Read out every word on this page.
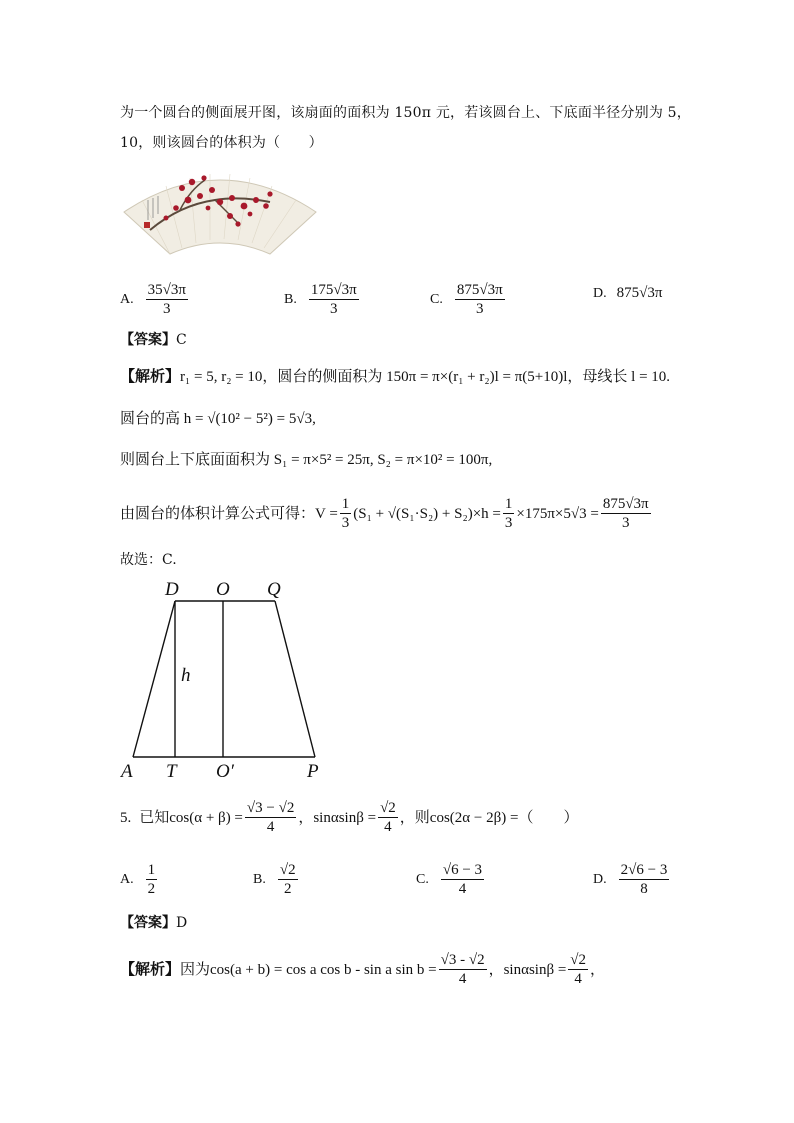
为一个圆台的侧面展开图，该扇面的面积为 150π 元，若该圆台上、下底面半径分别为 5，
10，则该圆台的体积为（　　）
A. $\frac{35√3\pi}{3}$	B. $\frac{175√3\pi}{3}$	C. $\frac{875√3\pi}{3}$	D. 875√3π
【答案】C
【解析】r₁ = 5, r₂ = 10，圆台的侧面积为 150π = π×(r₁ + r₂)l = π(5+10)l，母线长 l = 10.
圆台的高 h = √(10² − 5²) = 5√3,
则圆台上下底面面积为 S₁ = π×5² = 25π, S₂ = π×10² = 100π,
由圆台的体积计算公式可得：$V = \frac{1}{3} (S_1 + √(S_1\cdot S_2) + S_2)\times h = \frac{1}{3} \times 175\pi\times 5√3 = \frac{875√3\pi}{3}$
故选：C.
D O Q
h
A T O′	P
5. 已知$\cos(\alpha + \beta) = \frac{√3 - √2}{4}$ ，$\sin\alpha\sin\beta = \frac{√2}{4}$ ，则cos(2α − 2β) =（　　）
A. $\frac{1}{2}$	B. $\frac{√2}{2}$	C. $\frac{√6 - 3}{4}$	D. $\frac{2√6 - 3}{8}$
【答案】D
【解析】 因为cos(a + b) = cos a cos b - sin a $\sin b = \frac{√3 - √2}{4}$ ，$\sin\alpha\sin\beta = \frac{√2}{4}$ ，
